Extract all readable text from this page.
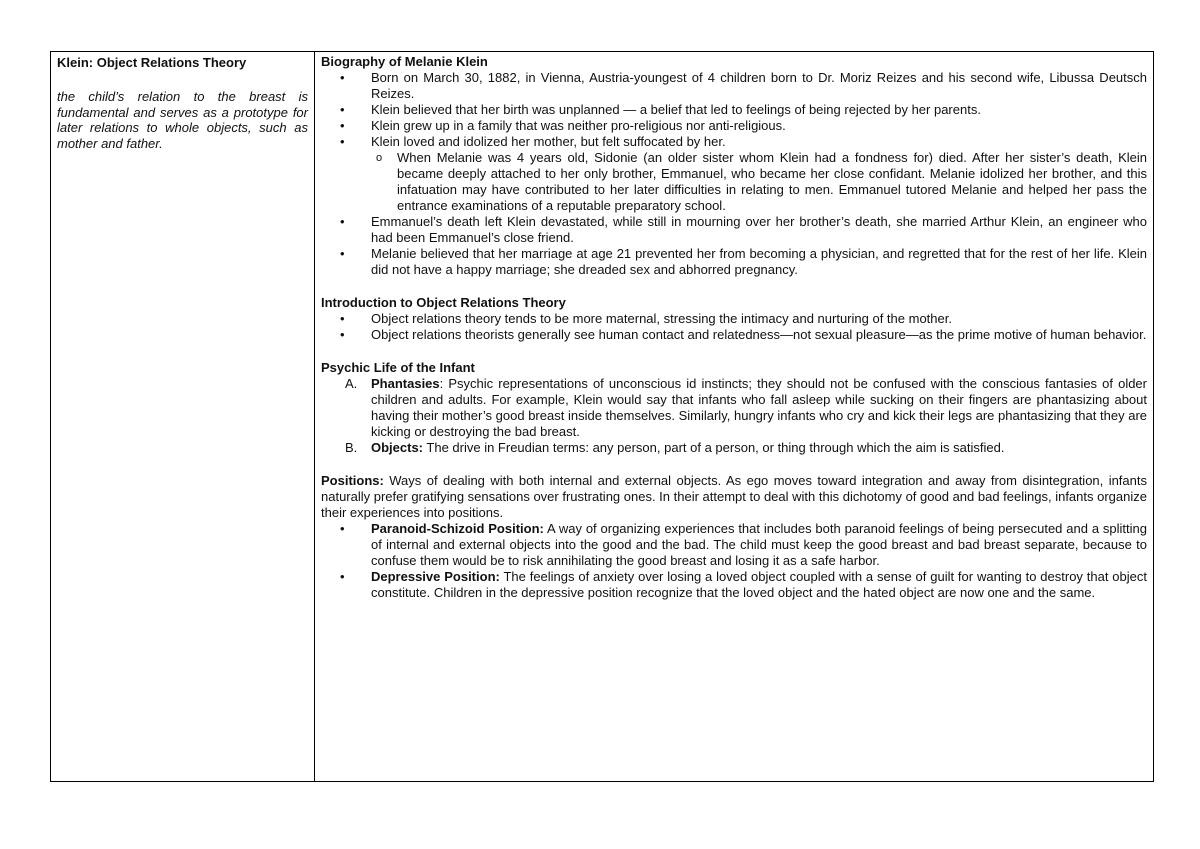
Klein: Object Relations Theory
the child’s relation to the breast is fundamental and serves as a prototype for later relations to whole objects, such as mother and father.

Biography of Melanie Klein
• Born on March 30, 1882, in Vienna, Austria-youngest of 4 children born to Dr. Moriz Reizes and his second wife, Libussa Deutsch Reizes.
• Klein believed that her birth was unplanned — a belief that led to feelings of being rejected by her parents.
• Klein grew up in a family that was neither pro-religious nor anti-religious.
• Klein loved and idolized her mother, but felt suffocated by her.
o When Melanie was 4 years old, Sidonie (an older sister whom Klein had a fondness for) died. After her sister’s death, Klein became deeply attached to her only brother, Emmanuel, who became her close confidant. Melanie idolized her brother, and this infatuation may have contributed to her later difficulties in relating to men. Emmanuel tutored Melanie and helped her pass the entrance examinations of a reputable preparatory school.
• Emmanuel’s death left Klein devastated, while still in mourning over her brother’s death, she married Arthur Klein, an engineer who had been Emmanuel’s close friend.
• Melanie believed that her marriage at age 21 prevented her from becoming a physician, and regretted that for the rest of her life. Klein did not have a happy marriage; she dreaded sex and abhorred pregnancy.
Introduction to Object Relations Theory
• Object relations theory tends to be more maternal, stressing the intimacy and nurturing of the mother.
• Object relations theorists generally see human contact and relatedness—not sexual pleasure—as the prime motive of human behavior.
Psychic Life of the Infant
A. Phantasies: Psychic representations of unconscious id instincts; they should not be confused with the conscious fantasies of older children and adults. For example, Klein would say that infants who fall asleep while sucking on their fingers are phantasizing about having their mother’s good breast inside themselves. Similarly, hungry infants who cry and kick their legs are phantasizing that they are kicking or destroying the bad breast.
B. Objects: The drive in Freudian terms: any person, part of a person, or thing through which the aim is satisfied.

Positions: Ways of dealing with both internal and external objects. As ego moves toward integration and away from disintegration, infants naturally prefer gratifying sensations over frustrating ones. In their attempt to deal with this dichotomy of good and bad feelings, infants organize their experiences into positions.

• Paranoid-Schizoid Position: A way of organizing experiences that includes both paranoid feelings of being persecuted and a splitting of internal and external objects into the good and the bad. The child must keep the good breast and bad breast separate, because to confuse them would be to risk annihilating the good breast and losing it as a safe harbor.
• Depressive Position: The feelings of anxiety over losing a loved object coupled with a sense of guilt for wanting to destroy that object constitute. Children in the depressive position recognize that the loved object and the hated object are now one and the same.
